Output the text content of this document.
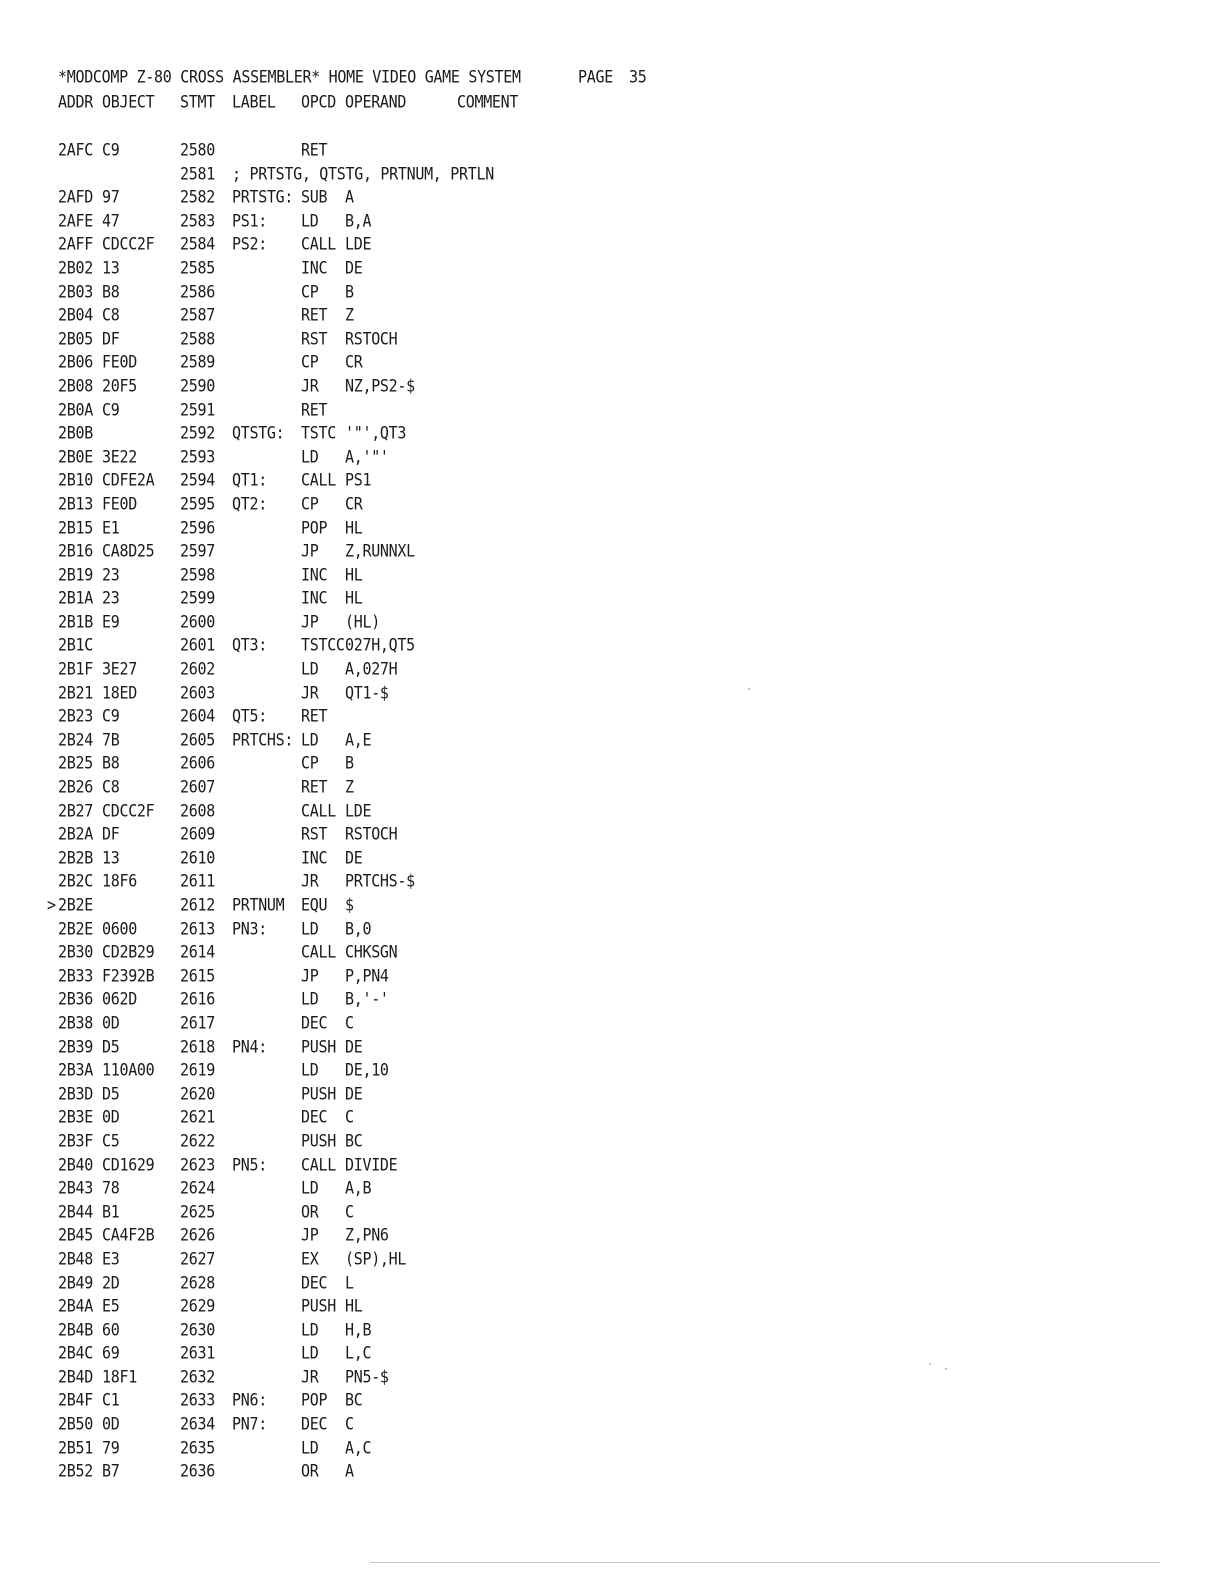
*MODCOMP Z-80 CROSS ASSEMBLER* HOME VIDEO GAME SYSTEM	PAGE 35
ADDR OBJECT STMT LABEL OPCD OPERAND	COMMENT
2AFC C9	2580	RET
2581 ; PRTSTG, QTSTG, PRTNUM, PRTLN
2AFD 97	2582 PRTSTG: SUB A
2AFE 47	2583 PS1: LD B,A
2AFF CDCC2F 2584 PS2: CALL LDE
2B02 13	2585	INC DE
2B03 B8	2586	CP B
2B04 C8	2587	RET Z
2B05 DF	2588	RST RSTOCH
2B06 FE0D	2589	CP CR
2B08 20F5	2590	JR NZ,PS2-$
2B0A C9	2591	RET
2B0B	2592 QTSTG: TSTC '"',QT3
2B0E 3E22	2593	LD A,'"'
2B10 CDFE2A 2594 QT1: CALL PS1
2B13 FE0D	2595 QT2: CP CR
2B15 E1	2596	POP HL
2B16 CA8D25 2597	JP Z,RUNNXL
2B19 23	2598	INC HL
2B1A 23	2599	INC HL
2B1B E9	2600	JP (HL)
2B1C	2601 QT3: TSTCC 027H,QT5
2B1F 3E27	2602	LD A,027H
2B21 18ED	2603	JR QT1-$
2B23 C9	2604 QT5: RET
2B24 7B	2605 PRTCHS: LD A,E
2B25 B8	2606	CP B
2B26 C8	2607	RET Z
2B27 CDCC2F 2608	CALL LDE
2B2A DF	2609	RST RSTOCH
2B2B 13	2610	INC DE
2B2C 18F6	2611	JR PRTCHS-$
> 2B2E	2612 PRTNUM EQU $
2B2E 0600	2613 PN3: LD B,0
2B30 CD2B29 2614	CALL CHKSGN
2B33 F2392B 2615	JP P,PN4
2B36 062D	2616	LD B,'-'
2B38 0D	2617	DEC C
2B39 D5	2618 PN4: PUSH DE
2B3A 110A00 2619	LD DE,10
2B3D D5	2620	PUSH DE
2B3E 0D	2621	DEC C
2B3F C5	2622	PUSH BC
2B40 CD1629 2623 PN5: CALL DIVIDE
2B43 78	2624	LD A,B
2B44 B1	2625	OR C
2B45 CA4F2B 2626	JP Z,PN6
2B48 E3	2627	EX (SP),HL
2B49 2D	2628	DEC L
2B4A E5	2629	PUSH HL
2B4B 60	2630	LD H,B
2B4C 69	2631	LD L,C
2B4D 18F1	2632	JR PN5-$
2B4F C1	2633 PN6: POP BC
2B50 0D	2634 PN7: DEC C
2B51 79	2635	LD A,C
2B52 B7	2636	OR A
